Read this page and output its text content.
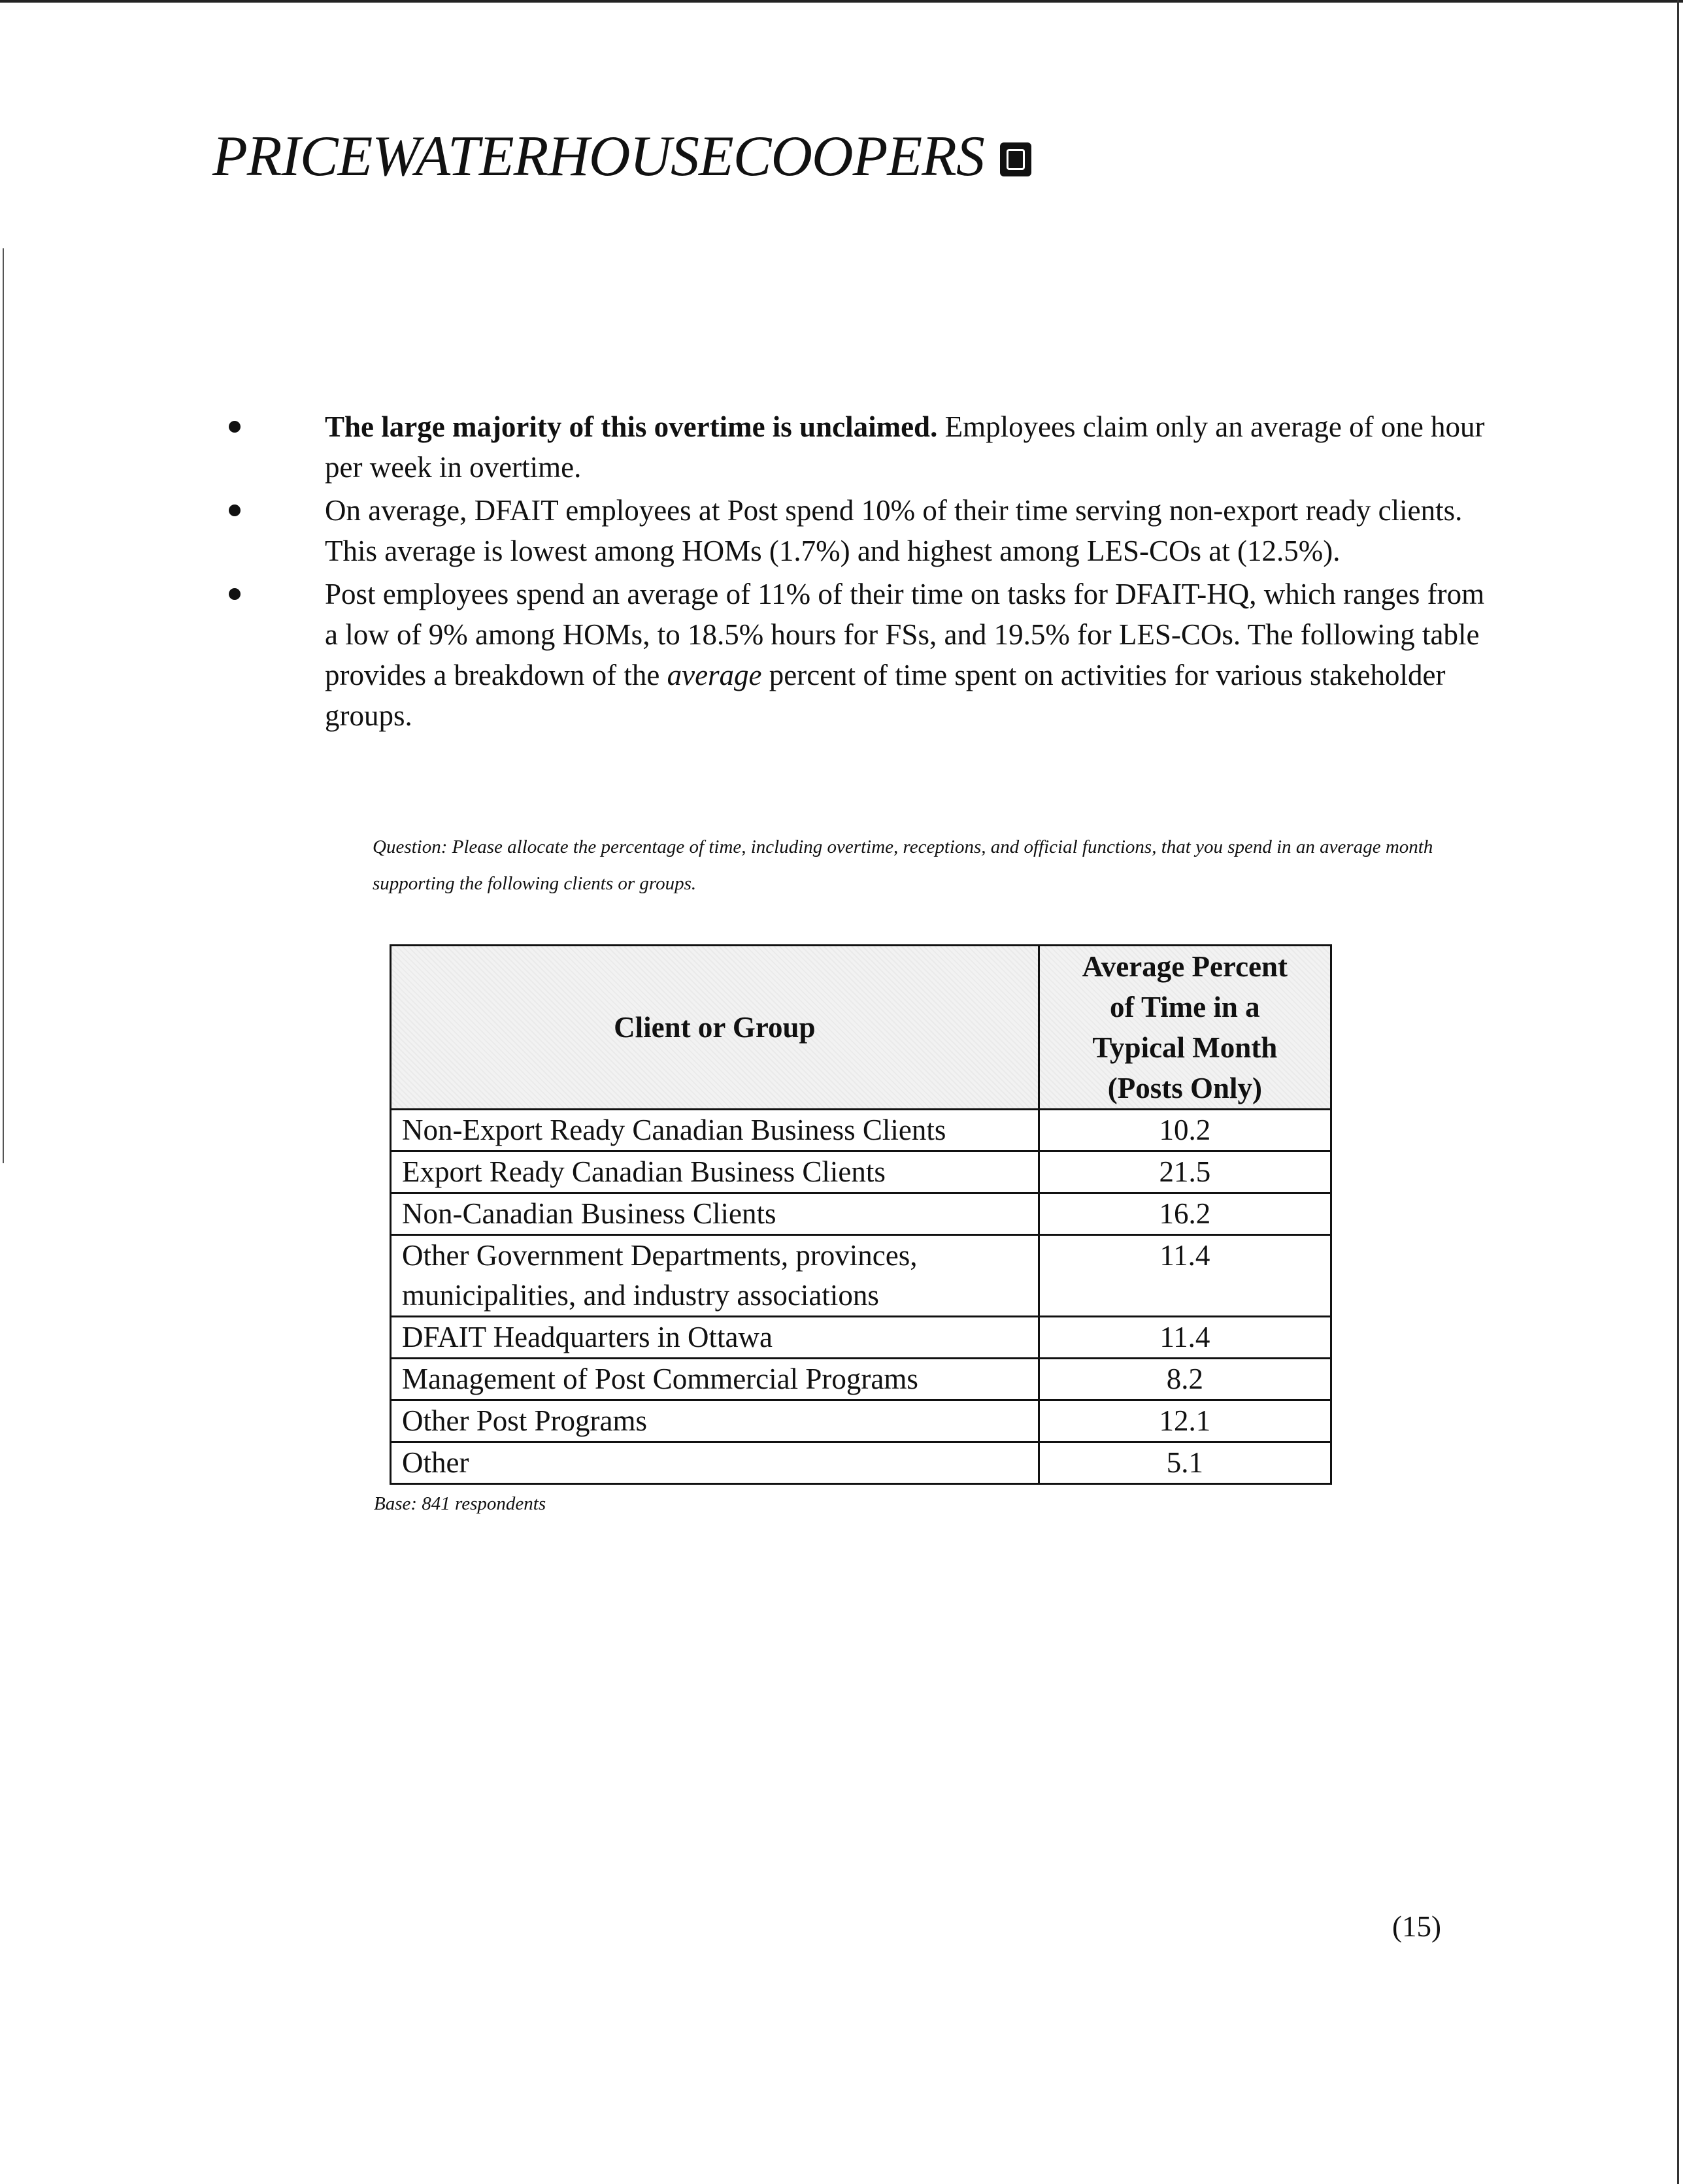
PRICEWATERHOUSECOOPERS
The large majority of this overtime is unclaimed. Employees claim only an average of one hour per week in overtime.
On average, DFAIT employees at Post spend 10% of their time serving non-export ready clients. This average is lowest among HOMs (1.7%) and highest among LES-COs at (12.5%).
Post employees spend an average of 11% of their time on tasks for DFAIT-HQ, which ranges from a low of 9% among HOMs, to 18.5% hours for FSs, and 19.5% for LES-COs. The following table provides a breakdown of the average percent of time spent on activities for various stakeholder groups.
Question: Please allocate the percentage of time, including overtime, receptions, and official functions, that you spend in an average month supporting the following clients or groups.
Client or Group	Average Percent
of Time in a
Typical Month
(Posts Only)
Non-Export Ready Canadian Business Clients	10.2
Export Ready Canadian Business Clients	21.5
Non-Canadian Business Clients	16.2
Other Government Departments, provinces, municipalities, and industry associations	11.4
DFAIT Headquarters in Ottawa	11.4
Management of Post Commercial Programs	8.2
Other Post Programs	12.1
Other	5.1
Base: 841 respondents
(15)
